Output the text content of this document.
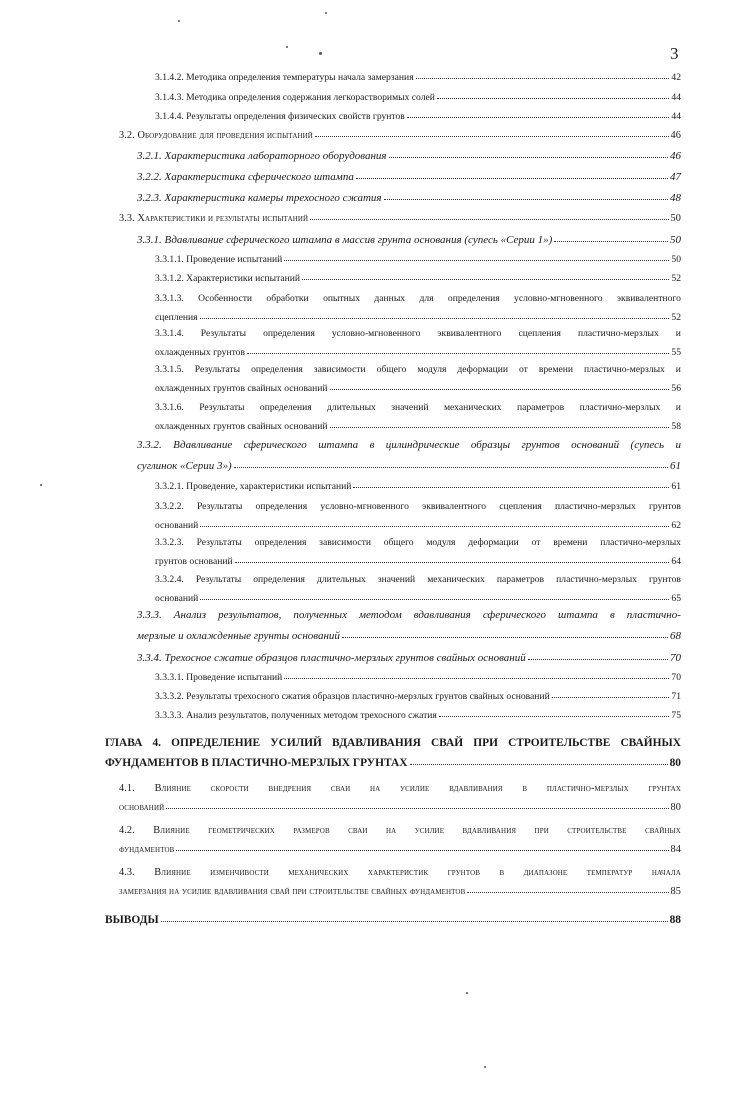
3
3.1.4.2. Методика определения температуры начала замерзания	42
3.1.4.3. Методика определения содержания легкорастворимых солей	44
3.1.4.4. Результаты определения физических свойств грунтов	44
3.2. Оборудование для проведения испытаний	46
3.2.1. Характеристика лабораторного оборудования	46
3.2.2. Характеристика сферического штампа	47
3.2.3. Характеристика камеры трехосного сжатия	48
3.3. Характеристики и результаты испытаний	50
3.3.1. Вдавливание сферического штампа в массив грунта основания (супесь «Серии 1»)	50
3.3.1.1. Проведение испытаний	50
3.3.1.2. Характеристики испытаний	52
3.3.1.3. Особенности обработки опытных данных для определения условно-мгновенного эквивалентного
сцепления	52
3.3.1.4. Результаты определения условно-мгновенного эквивалентного сцепления пластично-мерзлых и
охлажденных грунтов	55
3.3.1.5. Результаты определения зависимости общего модуля деформации от времени пластично-мерзлых и
охлажденных грунтов свайных оснований	56
3.3.1.6. Результаты определения длительных значений механических параметров пластично-мерзлых и
охлажденных грунтов свайных оснований	58
3.3.2. Вдавливание сферического штампа в цилиндрические образцы грунтов оснований (супесь и
суглинок «Серии 3»)	61
3.3.2.1. Проведение, характеристики испытаний	61
3.3.2.2. Результаты определения условно-мгновенного эквивалентного сцепления пластично-мерзлых грунтов
оснований	62
3.3.2.3. Результаты определения зависимости общего модуля деформации от времени пластично-мерзлых
грунтов оснований	64
3.3.2.4. Результаты определения длительных значений механических параметров пластично-мерзлых грунтов
оснований	65
3.3.3. Анализ результатов, полученных методом вдавливания сферического штампа в пластично-
мерзлые и охлажденные грунты оснований	68
3.3.4. Трехосное сжатие образцов пластично-мерзлых грунтов свайных оснований	70
3.3.3.1. Проведение испытаний	70
3.3.3.2. Результаты трехосного сжатия образцов пластично-мерзлых грунтов свайных оснований	71
3.3.3.3. Анализ результатов, полученных методом трехосного сжатия	75
ГЛАВА 4. ОПРЕДЕЛЕНИЕ УСИЛИЙ ВДАВЛИВАНИЯ СВАЙ ПРИ СТРОИТЕЛЬСТВЕ СВАЙНЫХ
ФУНДАМЕНТОВ В ПЛАСТИЧНО-МЕРЗЛЫХ ГРУНТАХ	80
4.1. Влияние скорости внедрения сваи на усилие вдавливания в пластично-мерзлых грунтах
оснований	80
4.2. Влияние геометрических размеров сваи на усилие вдавливания при строительстве свайных
фундаментов	84
4.3. Влияние изменчивости механических характеристик грунтов в диапазоне температур начала
замерзания на усилие вдавливания свай при строительстве свайных фундаментов	85
ВЫВОДЫ	88
